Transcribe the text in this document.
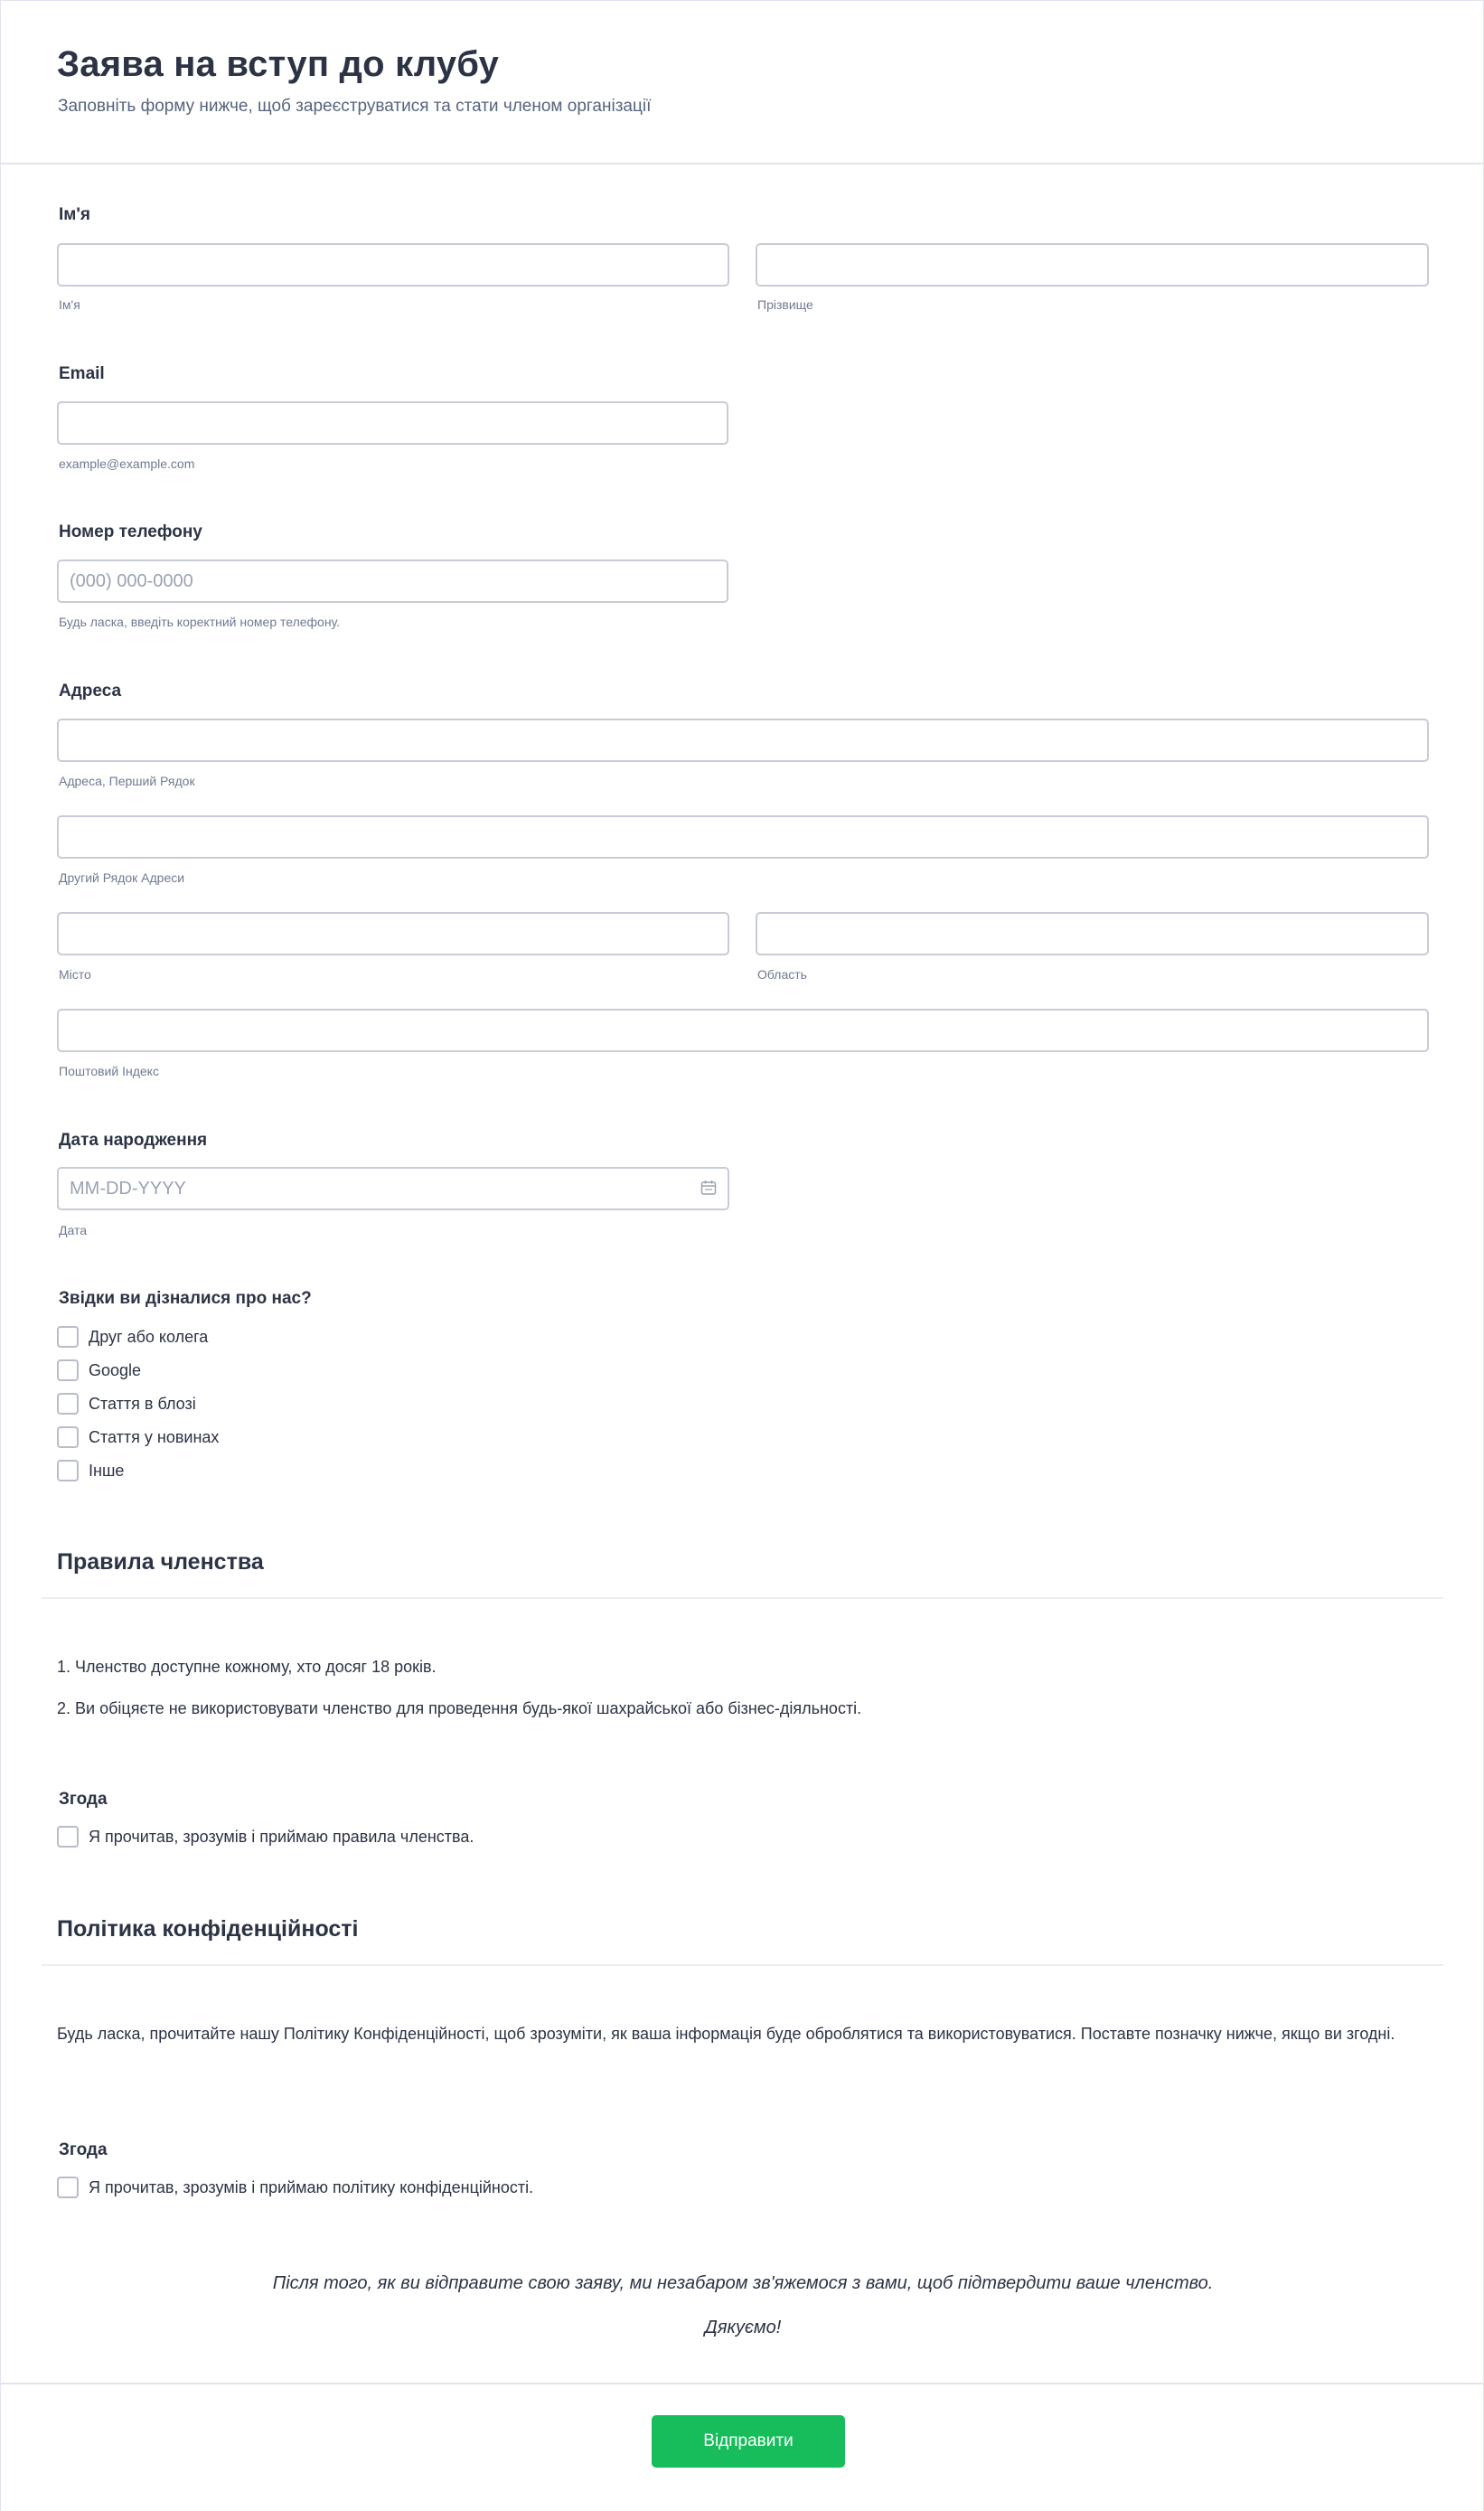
Заява на вступ до клубу
Заповніть форму нижче, щоб зареєструватися та стати членом організації
Ім'я
Ім'я	Прізвище
Email
example@example.com
Номер телефону
(000) 000-0000
Будь ласка, введіть коректний номер телефону.
Адреса
Адреса, Перший Рядок
Другий Рядок Адреси
Місто	Область
Поштовий Індекс
Дата народження
MM-DD-YYYY
Дата
Звідки ви дізналися про нас?
Друг або колега
Google
Стаття в блозі
Стаття у новинах
Інше
Правила членства
1. Членство доступне кожному, хто досяг 18 років.
2. Ви обіцяєте не використовувати членство для проведення будь-якої шахрайської або бізнес-діяльності.
Згода
Я прочитав, зрозумів і приймаю правила членства.
Політика конфіденційності
Будь ласка, прочитайте нашу Політику Конфіденційності, щоб зрозуміти, як ваша інформація буде оброблятися та використовуватися. Поставте позначку нижче, якщо ви згодні.
Згода
Я прочитав, зрозумів і приймаю політику конфіденційності.
Після того, як ви відправите свою заяву, ми незабаром зв'яжемося з вами, щоб підтвердити ваше членство.
Дякуємо!
Відправити
